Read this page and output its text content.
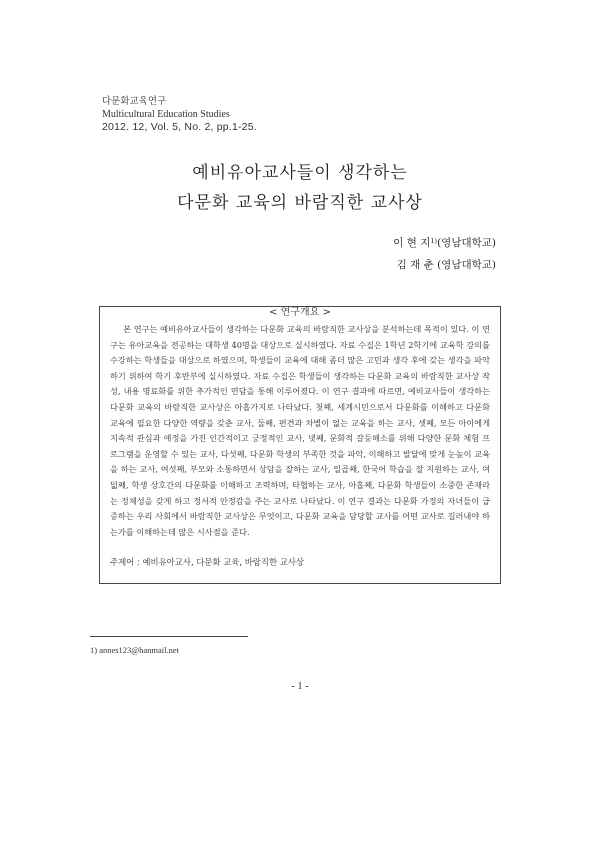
다문화교육연구
Multicultural Education Studies
2012. 12, Vol. 5, No. 2, pp.1-25.
예비유아교사들이 생각하는
다문화 교육의 바람직한 교사상
이 현 지$^{1)}$(영남대학교)
김 재 춘 (영남대학교)
< 연구개요 >
본 연구는 예비유아교사들이 생각하는 다문화 교육의 바람직한 교사상을 분석하는데 목적이 있다. 이 연구는 유아교육을 전공하는 대학생 40명을 대상으로 실시하였다. 자료 수집은 1학년 2학기에 교육학 강의를 수강하는 학생들을 대상으로 하였으며, 학생들이 교육에 대해 좀더 많은 고민과 생각 후에 갖는 생각을 파악하기 위하여 학기 후반부에 실시하였다. 자료 수집은 학생들이 생각하는 다문화 교육의 바람직한 교사상 작성, 내용 명료화를 위한 추가적인 면담을 통해 이루어졌다. 이 연구 결과에 따르면, 예비교사들이 생각하는 다문화 교육의 바람직한 교사상은 아홉가지로 나타났다. 첫째, 세계시민으로서 다문화를 이해하고 다문화 교육에 필요한 다양한 역량을 갖춘 교사, 둘째, 편견과 차별이 없는 교육을 하는 교사, 셋째, 모든 아이에게 지속적 관심과 애정을 가진 인간적이고 긍정적인 교사, 넷째, 문화적 갈등해소를 위해 다양한 문화 체험 프로그램을 운영할 수 있는 교사, 다섯째, 다문화 학생의 부족한 것을 파악, 이해하고 발달에 맞게 눈높이 교육을 하는 교사, 여섯째, 부모와 소통하면서 상담을 잘하는 교사, 일곱째, 한국어 학습을 잘 지원하는 교사, 여덟째, 학생 상호간의 다문화를 이해하고 조력하며, 타협하는 교사, 아홉째, 다문화 학생들이 소중한 존재라는 정체성을 갖게 하고 정서적 안정감을 주는 교사로 나타났다. 이 연구 결과는 다문화 가정의 자녀들이 급증하는 우리 사회에서 바람직한 교사상은 무엇이고, 다문화 교육을 담당할 교사를 어떤 교사로 길러내야 하는가를 이해하는데 많은 시사점을 준다.
주제어 : 예비유아교사, 다문화 교육, 바람직한 교사상
1) annes123@hanmail.net
- 1 -
